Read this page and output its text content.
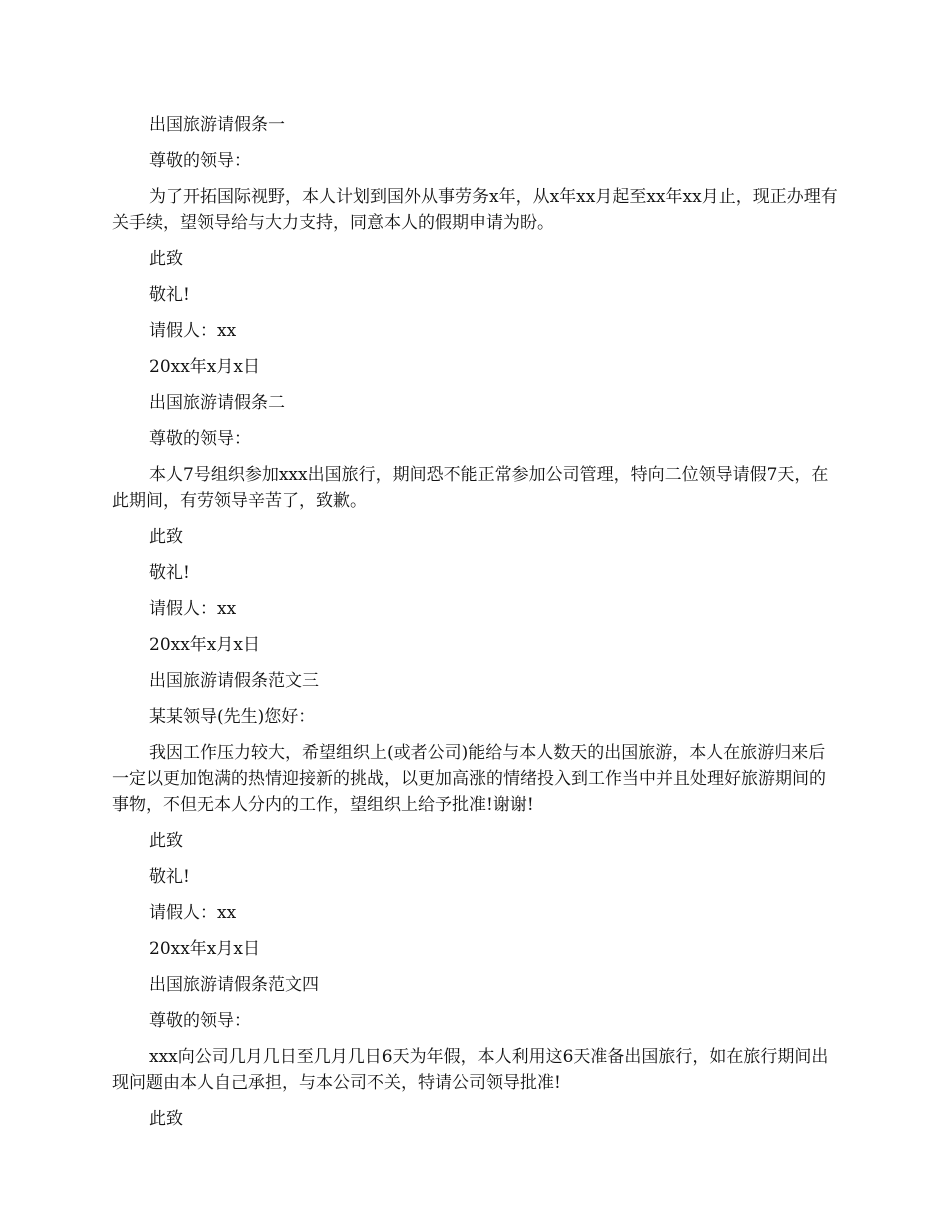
出国旅游请假条一

尊敬的领导：

为了开拓国际视野，本人计划到国外从事劳务x年，从x年xx月起至xx年xx月止，现正办理有关手续，望领导给与大力支持，同意本人的假期申请为盼。

此致

敬礼!

请假人：xx

20xx年x月x日

出国旅游请假条二

尊敬的领导：

本人7号组织参加xxx出国旅行，期间恐不能正常参加公司管理，特向二位领导请假7天，在此期间，有劳领导辛苦了，致歉。

此致

敬礼!

请假人：xx

20xx年x月x日

出国旅游请假条范文三

某某领导(先生)您好：

我因工作压力较大，希望组织上(或者公司)能给与本人数天的出国旅游，本人在旅游归来后一定以更加饱满的热情迎接新的挑战，以更加高涨的情绪投入到工作当中并且处理好旅游期间的事物，不但无本人分内的工作，望组织上给予批准!谢谢!

此致

敬礼!

请假人：xx

20xx年x月x日

出国旅游请假条范文四

尊敬的领导：

xxx向公司几月几日至几月几日6天为年假，本人利用这6天准备出国旅行，如在旅行期间出现问题由本人自己承担，与本公司不关，特请公司领导批准!

此致
